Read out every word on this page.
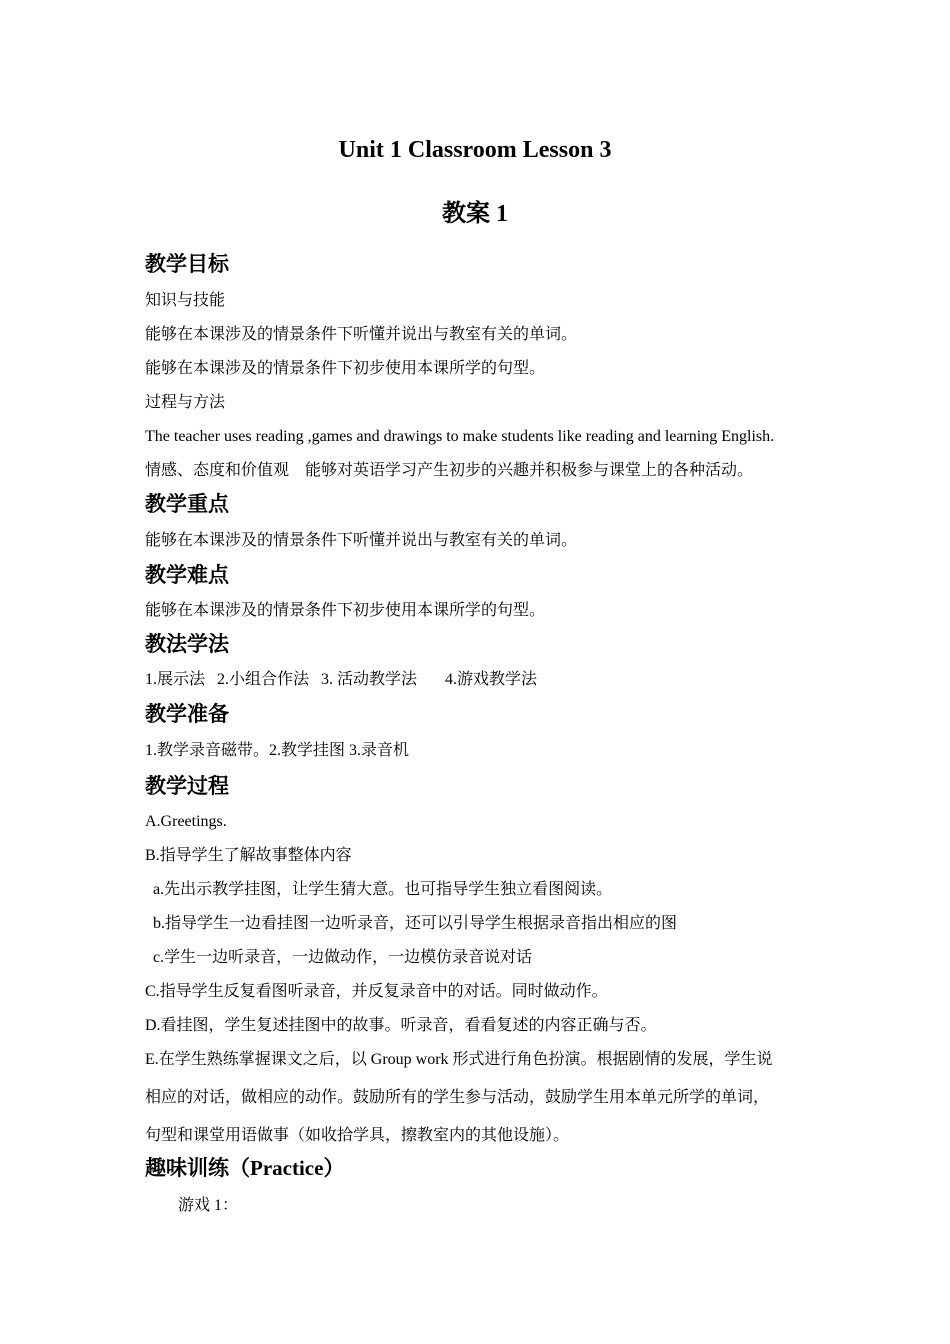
Unit 1 Classroom Lesson 3
教案 1
教学目标
知识与技能
能够在本课涉及的情景条件下听懂并说出与教室有关的单词。
能够在本课涉及的情景条件下初步使用本课所学的句型。
过程与方法
The teacher uses reading ,games and drawings to make students like reading and learning English.
情感、态度和价值观　能够对英语学习产生初步的兴趣并积极参与课堂上的各种活动。
教学重点
能够在本课涉及的情景条件下听懂并说出与教室有关的单词。
教学难点
能够在本课涉及的情景条件下初步使用本课所学的句型。
教法学法
1.展示法   2.小组合作法   3. 活动教学法       4.游戏教学法
教学准备
1.教学录音磁带。2.教学挂图 3.录音机
教学过程
A.Greetings.
B.指导学生了解故事整体内容
a.先出示教学挂图，让学生猜大意。也可指导学生独立看图阅读。
b.指导学生一边看挂图一边听录音，还可以引导学生根据录音指出相应的图
c.学生一边听录音，一边做动作，一边模仿录音说对话
C.指导学生反复看图听录音，并反复录音中的对话。同时做动作。
D.看挂图，学生复述挂图中的故事。听录音，看看复述的内容正确与否。
E.在学生熟练掌握课文之后，以 Group work 形式进行角色扮演。根据剧情的发展，学生说
相应的对话，做相应的动作。鼓励所有的学生参与活动，鼓励学生用本单元所学的单词，
句型和课堂用语做事（如收拾学具，擦教室内的其他设施）。
趣味训练（Practice）
游戏 1：
